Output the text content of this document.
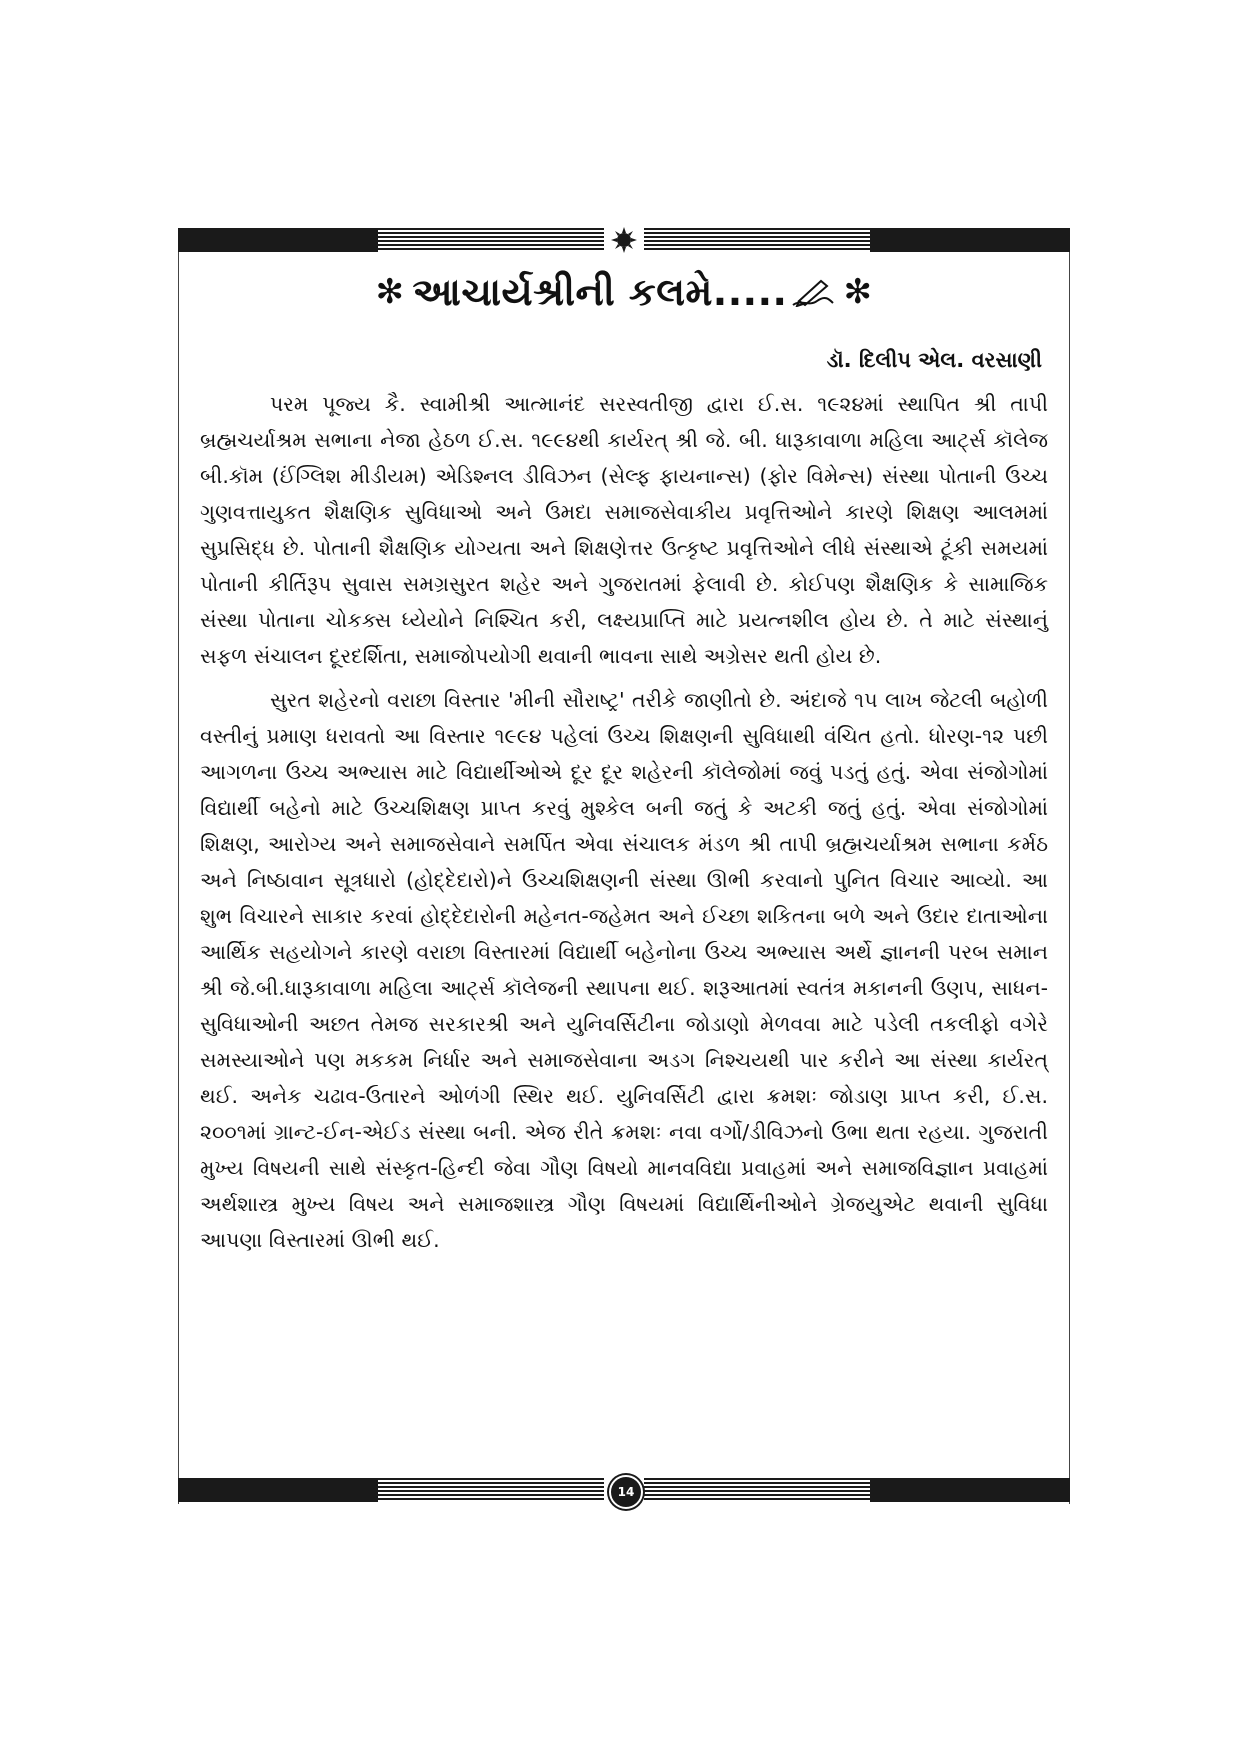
✻ આચાર્યશ્રીની કલમે..... ✻
ડૉ. દિલીપ એલ. વરસાણી

પરમ પૂજ્ય કૈ. સ્વામીશ્રી આત્માનંદ સરસ્વતીજી દ્વારા ઈ.સ. ૧૯૨૪માં સ્થાપિત શ્રી તાપી બ્રહ્મચર્યાશ્રમ સભાના નેજા હેઠળ ઈ.સ. ૧૯૯૪થી કાર્યરત્ શ્રી જે. બી. ધારૂકાવાળા મહિલા આર્ટ્સ કૉલેજ બી.કૉમ (ઈંગ્લિશ મીડીયમ) એડિશ્નલ ડીવિઝન (સેલ્ફ ફાયનાન્સ) (ફોર વિમેન્સ) સંસ્થા પોતાની ઉચ્ચ ગુણવત્તાયુકત શૈક્ષણિક સુવિધાઓ અને ઉમદા સમાજસેવાકીય પ્રવૃત્તિઓને કારણે શિક્ષણ આલમમાં સુપ્રસિદ્ધ છે. પોતાની શૈક્ષણિક યોગ્યતા અને શિક્ષણેત્તર ઉત્કૃષ્ટ પ્રવૃત્તિઓને લીધે સંસ્થાએ ટૂંકી સમયમાં પોતાની કીર્તિરૂપ સુવાસ સમગ્રસુરત શહેર અને ગુજરાતમાં ફેલાવી છે. કોઈપણ શૈક્ષણિક કે સામાજિક સંસ્થા પોતાના ચોકક્સ ધ્યેયોને નિશ્ચિત કરી, લક્ષ્યપ્રાપ્તિ માટે પ્રયત્નશીલ હોય છે. તે માટે સંસ્થાનું સફળ સંચાલન દૂરદર્શિતા, સમાજોપયોગી થવાની ભાવના સાથે અગ્રેસર થતી હોય છે.

સુરત શહેરનો વરાછા વિસ્તાર 'મીની સૌરાષ્ટ્ર' તરીકે જાણીતો છે. અંદાજે ૧૫ લાખ જેટલી બહોળી વસ્તીનું પ્રમાણ ધરાવતો આ વિસ્તાર ૧૯૯૪ પહેલાં ઉચ્ચ શિક્ષણની સુવિધાથી વંચિત હતો. ધોરણ-૧૨ પછી આગળના ઉચ્ચ અભ્યાસ માટે વિદ્યાર્થીઓએ દૂર દૂર શહેરની કૉલેજોમાં જવું પડતું હતું. એવા સંજોગોમાં વિદ્યાર્થી બહેનો માટે ઉચ્ચશિક્ષણ પ્રાપ્ત કરવું મુશ્કેલ બની જતું કે અટકી જતું હતું. એવા સંજોગોમાં શિક્ષણ, આરોગ્ય અને સમાજસેવાને સમર્પિત એવા સંચાલક મંડળ શ્રી તાપી બ્રહ્મચર્યાશ્રમ સભાના કર્મઠ અને નિષ્ઠાવાન સૂત્રધારો (હોદ્દેદારો)ને ઉચ્ચશિક્ષણની સંસ્થા ઊભી કરવાનો પુનિત વિચાર આવ્યો. આ શુભ વિચારને સાકાર કરવાં હોદ્દેદારોની મહેનત-જહેમત અને ઈચ્છા શકિતના બળે અને ઉદાર દાતાઓના આર્થિક સહયોગને કારણે વરાછા વિસ્તારમાં વિદ્યાર્થી બહેનોના ઉચ્ચ અભ્યાસ અર્થે જ્ઞાનની પરબ સમાન શ્રી જે.બી.ધારૂકાવાળા મહિલા આર્ટ્સ કૉલેજની સ્થાપના થઈ. શરૂઆતમાં સ્વતંત્ર મકાનની ઉણપ, સાધન-સુવિધાઓની અછત તેમજ સરકારશ્રી અને યુનિવર્સિટીના જોડાણો મેળવવા માટે પડેલી તકલીફો વગેરે સમસ્યાઓને પણ મકકમ નિર્ધાર અને સમાજસેવાના અડગ નિશ્ચયથી પાર કરીને આ સંસ્થા કાર્યરત્ થઈ. અનેક ચઢાવ-ઉતારને ઓળંગી સ્થિર થઈ. યુનિવર્સિટી દ્વારા ક્રમશઃ જોડાણ પ્રાપ્ત કરી, ઈ.સ. ૨૦૦૧માં ગ્રાન્ટ-ઈન-એઈડ સંસ્થા બની. એજ રીતે ક્રમશઃ નવા વર્ગો/ડીવિઝનો ઉભા થતા રહયા. ગુજરાતી મુખ્ય વિષયની સાથે સંસ્કૃત-હિન્દી જેવા ગૌણ વિષયો માનવવિદ્યા પ્રવાહમાં અને સમાજવિજ્ઞાન પ્રવાહમાં અર્થશાસ્ત્ર મુખ્ય વિષય અને સમાજશાસ્ત્ર ગૌણ વિષયમાં વિદ્યાર્થિનીઓને ગ્રેજયુએટ થવાની સુવિધા આપણા વિસ્તારમાં ઊભી થઈ.

14
